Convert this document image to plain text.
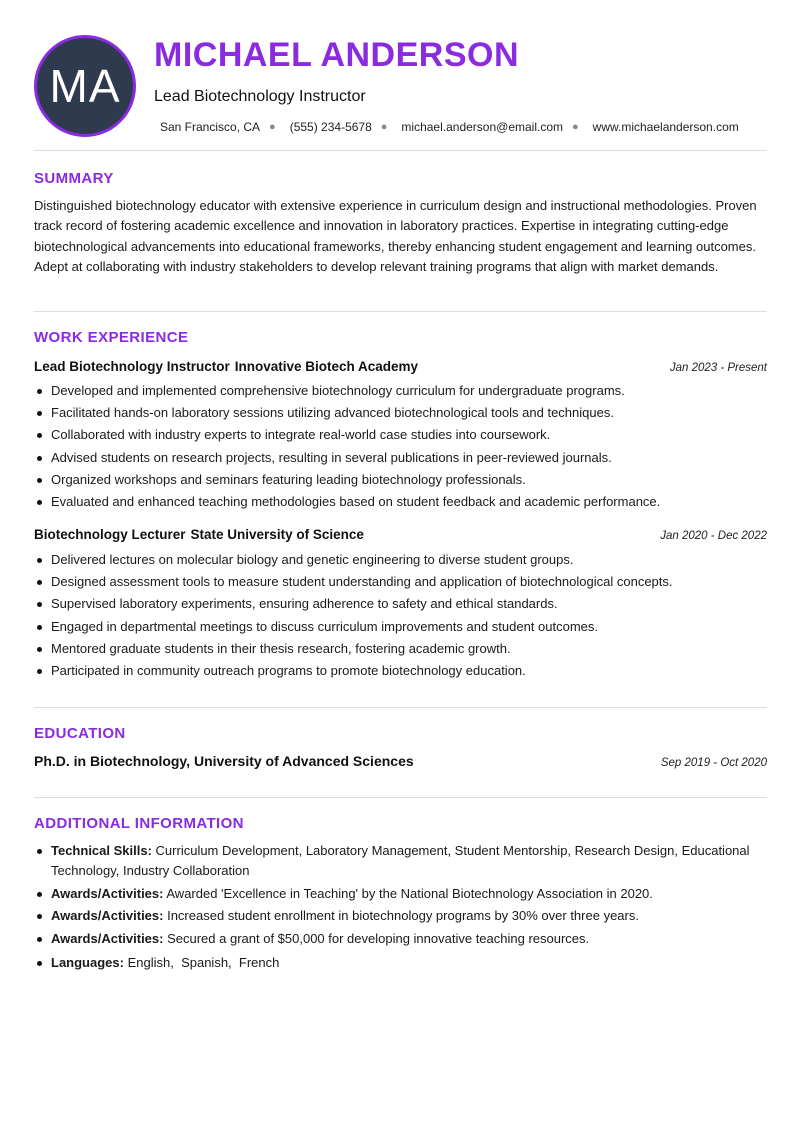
MA
MICHAEL ANDERSON
Lead Biotechnology Instructor
San Francisco, CA ● (555) 234-5678 ● michael.anderson@email.com ● www.michaelanderson.com
SUMMARY

Distinguished biotechnology educator with extensive experience in curriculum design and instructional methodologies. Proven track record of fostering academic excellence and innovation in laboratory practices. Expertise in integrating cutting-edge biotechnological advancements into educational frameworks, thereby enhancing student engagement and learning outcomes. Adept at collaborating with industry stakeholders to develop relevant training programs that align with market demands.

WORK EXPERIENCE
Lead Biotechnology Instructor Innovative Biotech Academy	Jan 2023 - Present
Developed and implemented comprehensive biotechnology curriculum for undergraduate programs.
Facilitated hands-on laboratory sessions utilizing advanced biotechnological tools and techniques.
Collaborated with industry experts to integrate real-world case studies into coursework.
Advised students on research projects, resulting in several publications in peer-reviewed journals.
Organized workshops and seminars featuring leading biotechnology professionals.
Evaluated and enhanced teaching methodologies based on student feedback and academic performance.
Biotechnology Lecturer State University of Science	Jan 2020 - Dec 2022
Delivered lectures on molecular biology and genetic engineering to diverse student groups.
Designed assessment tools to measure student understanding and application of biotechnological concepts.
Supervised laboratory experiments, ensuring adherence to safety and ethical standards.
Engaged in departmental meetings to discuss curriculum improvements and student outcomes.
Mentored graduate students in their thesis research, fostering academic growth.
Participated in community outreach programs to promote biotechnology education.
EDUCATION
Ph.D. in Biotechnology, University of Advanced Sciences	Sep 2019 - Oct 2020
ADDITIONAL INFORMATION
Technical Skills: Curriculum Development, Laboratory Management, Student Mentorship, Research Design, Educational Technology, Industry Collaboration
Awards/Activities: Awarded 'Excellence in Teaching' by the National Biotechnology Association in 2020.
Awards/Activities: Increased student enrollment in biotechnology programs by 30% over three years.
Awards/Activities: Secured a grant of $50,000 for developing innovative teaching resources.
Languages: English,  Spanish,  French
